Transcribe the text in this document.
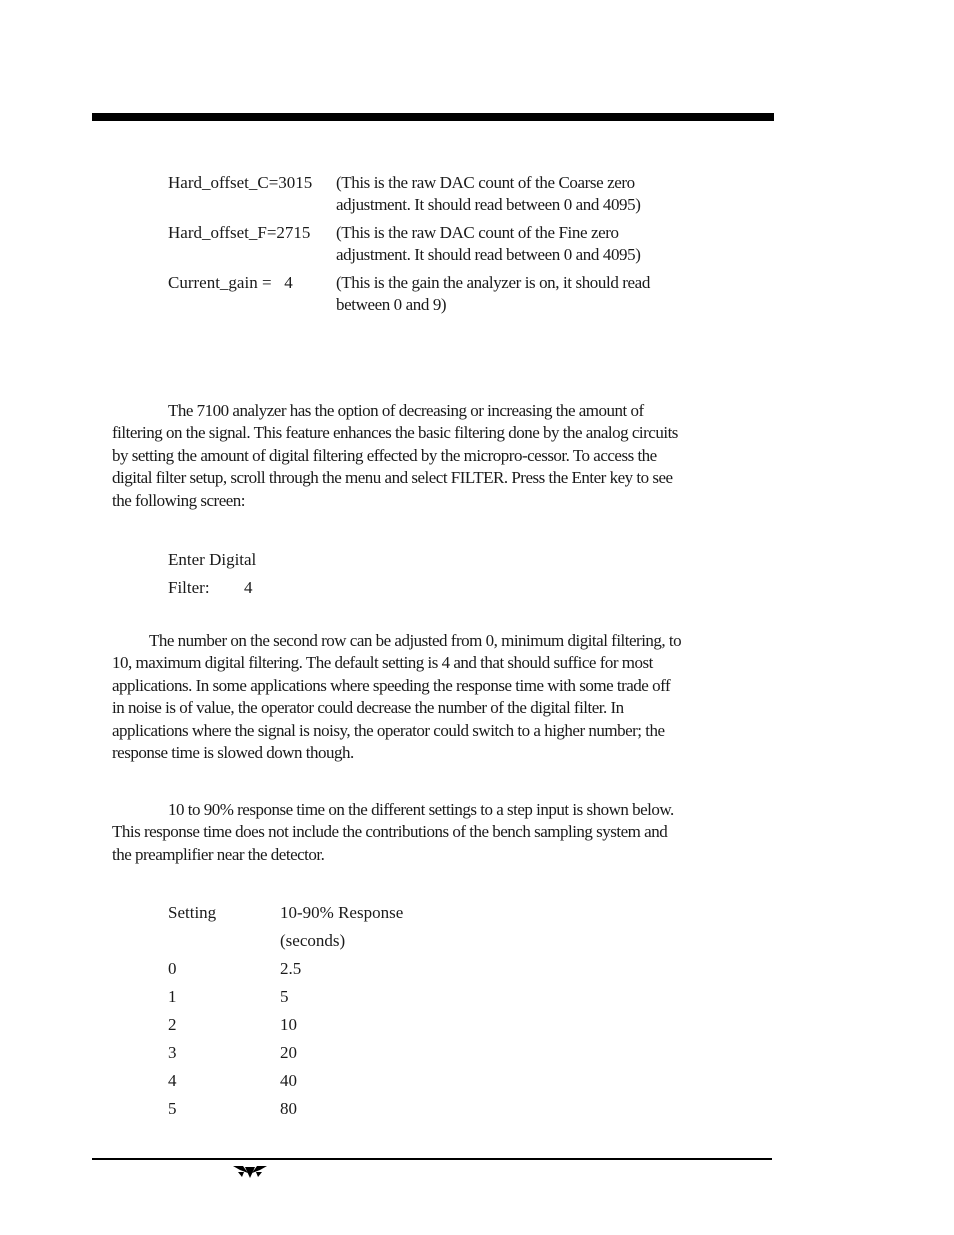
Hard_offset_C=3015	(This is the raw DAC count of the Coarse zero adjustment. It should read between 0 and 4095)
Hard_offset_F=2715	(This is the raw DAC count of the Fine zero adjustment. It should read between 0 and 4095)
Current_gain =   4	(This is the gain the analyzer is on, it should read between 0 and 9)

The 7100 analyzer has the option of decreasing or increasing the amount of filtering on the signal. This feature enhances the basic filtering done by the analog circuits by setting the amount of digital filtering effected by the micropro-cessor. To access the digital filter setup, scroll through the menu and select FILTER. Press the Enter key to see the following screen:

Enter Digital
Filter:	4

The number on the second row can be adjusted from 0, minimum digital filtering, to 10, maximum digital filtering. The default setting is 4 and that should suffice for most applications. In some applications where speeding the response time with some trade off in noise is of value, the operator could decrease the number of the digital filter. In applications where the signal is noisy, the operator could switch to a higher number; the response time is slowed down though.

10 to 90% response time on the different settings to a step input is shown below. This response time does not include the contributions of the bench sampling system and the preamplifier near the detector.

Setting	10-90% Response
(seconds)
0	2.5
1	5
2	10
3	20
4	40
5	80
